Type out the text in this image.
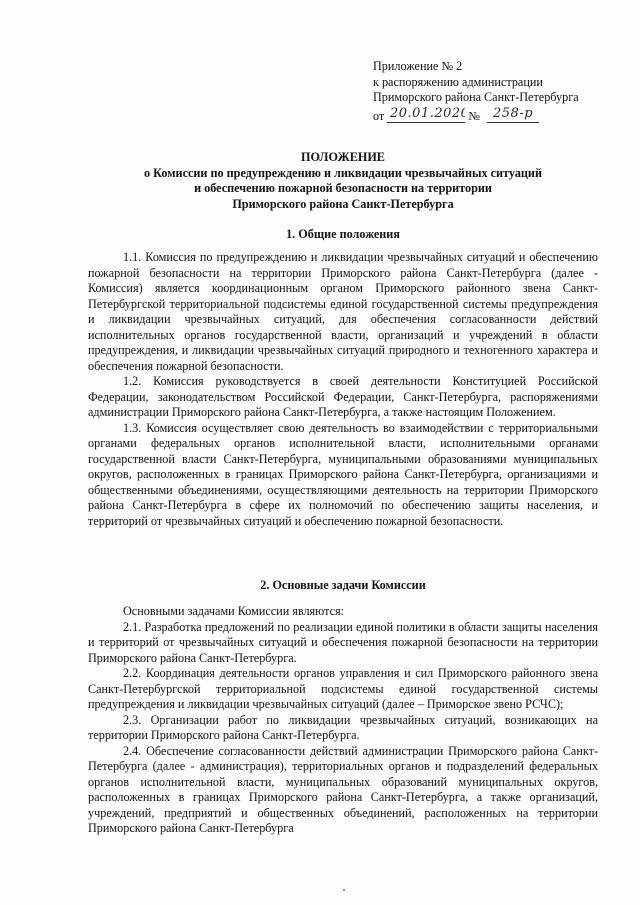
Приложение № 2
к распоряжению администрации
Приморского района Санкт-Петербурга
от 20.01.2020
№ 258-р
ПОЛОЖЕНИЕ
о Комиссии по предупреждению и ликвидации чрезвычайных ситуаций
и обеспечению пожарной безопасности на территории
Приморского района Санкт-Петербурга
1. Общие положения

1.1. Комиссия по предупреждению и ликвидации чрезвычайных ситуаций и обеспечению пожарной безопасности на территории Приморского района Санкт-Петербурга (далее - Комиссия) является координационным органом Приморского районного звена Санкт-Петербургской территориальной подсистемы единой государственной системы предупреждения и ликвидации чрезвычайных ситуаций, для обеспечения согласованности действий исполнительных органов государственной власти, организаций и учреждений в области предупреждения, и ликвидации чрезвычайных ситуаций природного и техногенного характера и обеспечения пожарной безопасности.

1.2. Комиссия руководствуется в своей деятельности Конституцией Российской Федерации, законодательством Российской Федерации, Санкт-Петербурга, распоряжениями администрации Приморского района Санкт-Петербурга, а также настоящим Положением.

1.3. Комиссия осуществляет свою деятельность во взаимодействии с территориальными органами федеральных органов исполнительной власти, исполнительными органами государственной власти Санкт-Петербурга, муниципальными образованиями муниципальных округов, расположенных в границах Приморского района Санкт-Петербурга, организациями и общественными объединениями, осуществляющими деятельность на территории Приморского района Санкт-Петербурга в сфере их полномочий по обеспечению защиты населения, и территорий от чрезвычайных ситуаций и обеспечению пожарной безопасности.

2. Основные задачи Комиссии

Основными задачами Комиссии являются:

2.1. Разработка предложений по реализации единой политики в области защиты населения и территорий от чрезвычайных ситуаций и обеспечения пожарной безопасности на территории Приморского района Санкт-Петербурга.

2.2. Координация деятельности органов управления и сил Приморского районного звена Санкт-Петербургской территориальной подсистемы единой государственной системы предупреждения и ликвидации чрезвычайных ситуаций (далее – Приморское звено РСЧС);

2.3. Организации работ по ликвидации чрезвычайных ситуаций, возникающих на территории Приморского района Санкт-Петербурга.

2.4. Обеспечение согласованности действий администрации Приморского района Санкт-Петербурга (далее - администрация), территориальных органов и подразделений федеральных органов исполнительной власти, муниципальных образований муниципальных округов, расположенных в границах Приморского района Санкт-Петербурга, а также организаций, учреждений, предприятий и общественных объединений, расположенных на территории Приморского района Санкт-Петербурга
